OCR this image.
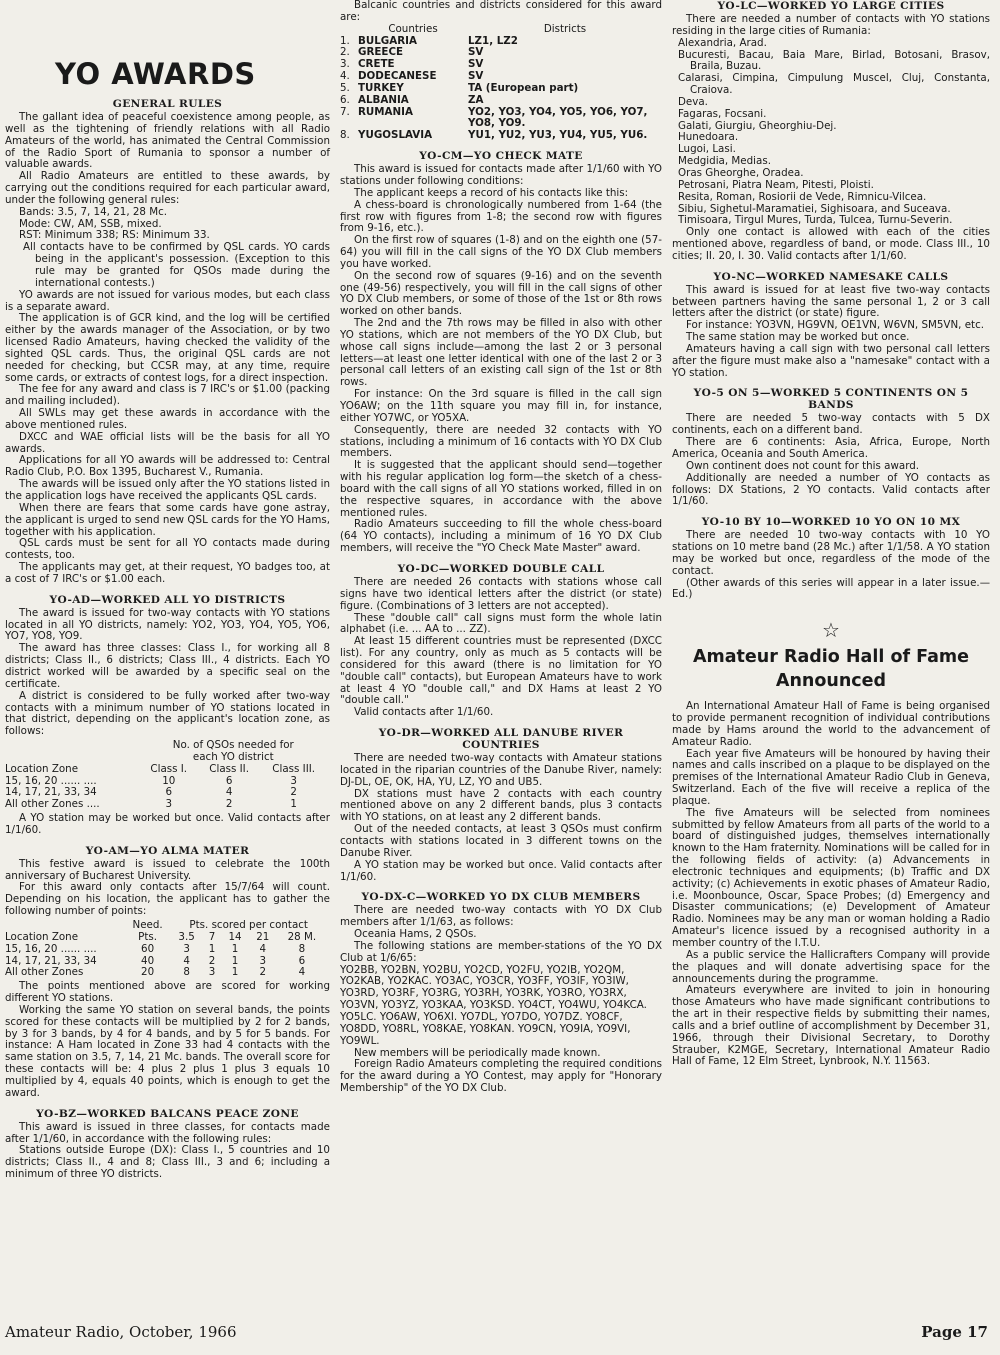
YO AWARDS
GENERAL RULES

The gallant idea of peaceful coexistence among people, as well as the tightening of friendly relations with all Radio Amateurs of the world, has animated the Central Commission of the Radio Sport of Rumania to sponsor a number of valuable awards.

All Radio Amateurs are entitled to these awards, by carrying out the conditions required for each particular award, under the following general rules:

Bands: 3.5, 7, 14, 21, 28 Mc.

Mode: CW, AM, SSB, mixed.

RST: Minimum 338; RS: Minimum 33.

All contacts have to be confirmed by QSL cards. YO cards being in the applicant's possession. (Exception to this rule may be granted for QSOs made during the international contests.)

YO awards are not issued for various modes, but each class is a separate award.

The application is of GCR kind, and the log will be certified either by the awards manager of the Association, or by two licensed Radio Amateurs, having checked the validity of the sighted QSL cards. Thus, the original QSL cards are not needed for checking, but CCSR may, at any time, require some cards, or extracts of contest logs, for a direct inspection.

The fee for any award and class is 7 IRC's or $1.00 (packing and mailing included).

All SWLs may get these awards in accordance with the above mentioned rules.

DXCC and WAE official lists will be the basis for all YO awards.

Applications for all YO awards will be addressed to: Central Radio Club, P.O. Box 1395, Bucharest V., Rumania.

The awards will be issued only after the YO stations listed in the application logs have received the applicants QSL cards.

When there are fears that some cards have gone astray, the applicant is urged to send new QSL cards for the YO Hams, together with his application.

QSL cards must be sent for all YO contacts made during contests, too.

The applicants may get, at their request, YO badges too, at a cost of 7 IRC's or $1.00 each.

YO-AD—WORKED ALL YO DISTRICTS

The award is issued for two-way contacts with YO stations located in all YO districts, namely: YO2, YO3, YO4, YO5, YO6, YO7, YO8, YO9.

The award has three classes: Class I., for working all 8 districts; Class II., 6 districts; Class III., 4 districts. Each YO district worked will be awarded by a specific seal on the certificate.

A district is considered to be fully worked after two-way contacts with a minimum number of YO stations located in that district, depending on the applicant's location zone, as follows:

	No. of QSOs needed for		
	each YO district		
Location Zone	Class I.	Class II.	Class III.
15, 16, 20 ...... ....	10	6	3
14, 17, 21, 33, 34	6	4	2
All other Zones ....	3	2	1

A YO station may be worked but once. Valid contacts after 1/1/60.

YO-AM—YO ALMA MATER

This festive award is issued to celebrate the 100th anniversary of Bucharest University.

For this award only contacts after 15/7/64 will count. Depending on his location, the applicant has to gather the following number of points:

	Need.	Pts. scored per contact				
Location Zone	Pts.	3.5	7	14	21	28 M.
15, 16, 20 ...... ....	60	3	1	1	4	8
14, 17, 21, 33, 34	40	4	2	1	3	6
All other Zones	20	8	3	1	2	4

The points mentioned above are scored for working different YO stations.

Working the same YO station on several bands, the points scored for these contacts will be multiplied by 2 for 2 bands, by 3 for 3 bands, by 4 for 4 bands, and by 5 for 5 bands. For instance: A Ham located in Zone 33 had 4 contacts with the same station on 3.5, 7, 14, 21 Mc. bands. The overall score for these contacts will be: 4 plus 2 plus 1 plus 3 equals 10 multiplied by 4, equals 40 points, which is enough to get the award.

YO-BZ—WORKED BALCANS PEACE ZONE

This award is issued in three classes, for contacts made after 1/1/60, in accordance with the following rules:

Stations outside Europe (DX): Class I., 5 countries and 10 districts; Class II., 4 and 8; Class III., 3 and 6; including a minimum of three YO districts.

Balcanic countries and districts considered for this award are:

	Countries	Districts
1.	BULGARIA	LZ1, LZ2
2.	GREECE	SV
3.	CRETE	SV
4.	DODECANESE	SV
5.	TURKEY	TA (European part)
6.	ALBANIA	ZA
7.	RUMANIA	YO2, YO3, YO4, YO5, YO6, YO7, YO8, YO9.
8.	YUGOSLAVIA	YU1, YU2, YU3, YU4, YU5, YU6.
YO-CM—YO CHECK MATE

This award is issued for contacts made after 1/1/60 with YO stations under following conditions:

The applicant keeps a record of his contacts like this:

A chess-board is chronologically numbered from 1-64 (the first row with figures from 1-8; the second row with figures from 9-16, etc.).

On the first row of squares (1-8) and on the eighth one (57-64) you will fill in the call signs of the YO DX Club members you have worked.

On the second row of squares (9-16) and on the seventh one (49-56) respectively, you will fill in the call signs of other YO DX Club members, or some of those of the 1st or 8th rows worked on other bands.

The 2nd and the 7th rows may be filled in also with other YO stations, which are not members of the YO DX Club, but whose call signs include—among the last 2 or 3 personal letters—at least one letter identical with one of the last 2 or 3 personal call letters of an existing call sign of the 1st or 8th rows.

For instance: On the 3rd square is filled in the call sign YO6AW; on the 11th square you may fill in, for instance, either YO7WC, or YO5XA.

Consequently, there are needed 32 contacts with YO stations, including a minimum of 16 contacts with YO DX Club members.

It is suggested that the applicant should send—together with his regular application log form—the sketch of a chess-board with the call signs of all YO stations worked, filled in on the respective squares, in accordance with the above mentioned rules.

Radio Amateurs succeeding to fill the whole chess-board (64 YO contacts), including a minimum of 16 YO DX Club members, will receive the "YO Check Mate Master" award.

YO-DC—WORKED DOUBLE CALL

There are needed 26 contacts with stations whose call signs have two identical letters after the district (or state) figure. (Combinations of 3 letters are not accepted).

These "double call" call signs must form the whole latin alphabet (i.e. ... AA to ... ZZ).

At least 15 different countries must be represented (DXCC list). For any country, only as much as 5 contacts will be considered for this award (there is no limitation for YO "double call" contacts), but European Amateurs have to work at least 4 YO "double call," and DX Hams at least 2 YO "double call."

Valid contacts after 1/1/60.

YO-DR—WORKED ALL DANUBE RIVER COUNTRIES

There are needed two-way contacts with Amateur stations located in the riparian countries of the Danube River, namely: DJ-DL, OE, OK, HA, YU, LZ, YO and UB5.

DX stations must have 2 contacts with each country mentioned above on any 2 different bands, plus 3 contacts with YO stations, on at least any 2 different bands.

Out of the needed contacts, at least 3 QSOs must confirm contacts with stations located in 3 different towns on the Danube River.

A YO station may be worked but once. Valid contacts after 1/1/60.

YO-DX-C—WORKED YO DX CLUB MEMBERS

There are needed two-way contacts with YO DX Club members after 1/1/63, as follows:

Oceania Hams, 2 QSOs.

The following stations are member-stations of the YO DX Club at 1/6/65:

YO2BB, YO2BN, YO2BU, YO2CD, YO2FU, YO2IB, YO2QM, YO2KAB, YO2KAC. YO3AC, YO3CR, YO3FF, YO3IF, YO3IW, YO3RD, YO3RF, YO3RG, YO3RH, YO3RK, YO3RO, YO3RX, YO3VN, YO3YZ, YO3KAA, YO3KSD. YO4CT, YO4WU, YO4KCA. YO5LC. YO6AW, YO6XI. YO7DL, YO7DO, YO7DZ. YO8CF, YO8DD, YO8RL, YO8KAE, YO8KAN. YO9CN, YO9IA, YO9VI, YO9WL.

New members will be periodically made known.

Foreign Radio Amateurs completing the required conditions for the award during a YO Contest, may apply for "Honorary Membership" of the YO DX Club.

YO-LC—WORKED YO LARGE CITIES

There are needed a number of contacts with YO stations residing in the large cities of Rumania:

Alexandria, Arad.

Bucuresti, Bacau, Baia Mare, Birlad, Botosani, Brasov, Braila, Buzau.

Calarasi, Cimpina, Cimpulung Muscel, Cluj, Constanta, Craiova.

Deva.

Fagaras, Focsani.

Galati, Giurgiu, Gheorghiu-Dej.

Hunedoara.

Lugoi, Lasi.

Medgidia, Medias.

Oras Gheorghe, Oradea.

Petrosani, Piatra Neam, Pitesti, Ploisti.

Resita, Roman, Rosiorii de Vede, Rimnicu-Vilcea.

Sibiu, Sighetul-Maramatiei, Sighisoara, and Suceava.

Timisoara, Tirgul Mures, Turda, Tulcea, Turnu-Severin.

Only one contact is allowed with each of the cities mentioned above, regardless of band, or mode. Class III., 10 cities; II. 20, I. 30. Valid contacts after 1/1/60.

YO-NC—WORKED NAMESAKE CALLS

This award is issued for at least five two-way contacts between partners having the same personal 1, 2 or 3 call letters after the district (or state) figure.

For instance: YO3VN, HG9VN, OE1VN, W6VN, SM5VN, etc.

The same station may be worked but once.

Amateurs having a call sign with two personal call letters after the figure must make also a "namesake" contact with a YO station.

YO-5 ON 5—WORKED 5 CONTINENTS ON 5 BANDS

There are needed 5 two-way contacts with 5 DX continents, each on a different band.

There are 6 continents: Asia, Africa, Europe, North America, Oceania and South America.

Own continent does not count for this award.

Additionally are needed a number of YO contacts as follows: DX Stations, 2 YO contacts. Valid contacts after 1/1/60.

YO-10 BY 10—WORKED 10 YO ON 10 MX

There are needed 10 two-way contacts with 10 YO stations on 10 metre band (28 Mc.) after 1/1/58. A YO station may be worked but once, regardless of the mode of the contact.

(Other awards of this series will appear in a later issue.—Ed.)

☆
Amateur Radio Hall of Fame Announced

An International Amateur Hall of Fame is being organised to provide permanent recognition of individual contributions made by Hams around the world to the advancement of Amateur Radio.

Each year five Amateurs will be honoured by having their names and calls inscribed on a plaque to be displayed on the premises of the International Amateur Radio Club in Geneva, Switzerland. Each of the five will receive a replica of the plaque.

The five Amateurs will be selected from nominees submitted by fellow Amateurs from all parts of the world to a board of distinguished judges, themselves internationally known to the Ham fraternity. Nominations will be called for in the following fields of activity: (a) Advancements in electronic techniques and equipments; (b) Traffic and DX activity; (c) Achievements in exotic phases of Amateur Radio, i.e. Moonbounce, Oscar, Space Probes; (d) Emergency and Disaster communications; (e) Development of Amateur Radio. Nominees may be any man or woman holding a Radio Amateur's licence issued by a recognised authority in a member country of the I.T.U.

As a public service the Hallicrafters Company will provide the plaques and will donate advertising space for the announcements during the programme.

Amateurs everywhere are invited to join in honouring those Amateurs who have made significant contributions to the art in their respective fields by submitting their names, calls and a brief outline of accomplishment by December 31, 1966, through their Divisional Secretary, to Dorothy Strauber, K2MGE, Secretary, International Amateur Radio Hall of Fame, 12 Elm Street, Lynbrook, N.Y. 11563.

Amateur Radio, October, 1966	Page 17
